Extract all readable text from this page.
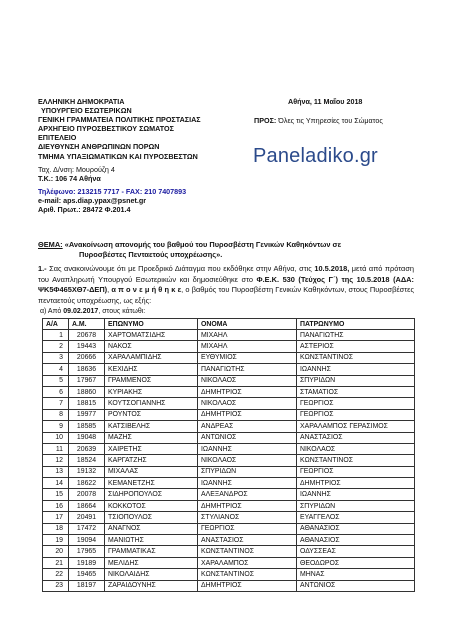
ΕΛΛΗΝΙΚΗ ΔΗΜΟΚΡΑΤΙΑ
ΥΠΟΥΡΓΕΙΟ ΕΣΩΤΕΡΙΚΩΝ
ΓΕΝΙΚΗ ΓΡΑΜΜΑΤΕΙΑ ΠΟΛΙΤΙΚΗΣ ΠΡΟΣΤΑΣΙΑΣ
ΑΡΧΗΓΕΙΟ ΠΥΡΟΣΒΕΣΤΙΚΟΥ ΣΩΜΑΤΟΣ
ΕΠΙΤΕΛΕΙΟ
ΔΙΕΥΘΥΝΣΗ ΑΝΘΡΩΠΙΝΩΝ ΠΟΡΩΝ
ΤΜΗΜΑ ΥΠΑΞΙΩΜΑΤΙΚΩΝ ΚΑΙ ΠΥΡΟΣΒΕΣΤΩΝ
Ταχ. Δ/νση: Μουρούζη 4
Τ.Κ.: 106 74 Αθήνα
Τηλέφωνο: 213215 7717 - FAX: 210 7407893
e-mail: aps.diap.ypax@psnet.gr
Αριθ. Πρωτ.: 28472 Φ.201.4
Αθήνα, 11 Μαΐου 2018
ΠΡΟΣ: Όλες τις Υπηρεσίες του Σώματος
Paneladiko.gr
ΘΕΜΑ: «Ανακοίνωση απονομής του βαθμού του Πυροσβέστη Γενικών Καθηκόντων σε
Πυροσβέστες Πενταετούς υποχρέωσης».
1.- Σας ανακοινώνουμε ότι με Προεδρικό Διάταγμα που εκδόθηκε στην Αθήνα, στις 10.5.2018, μετά από πρόταση του Αναπληρωτή Υπουργού Εσωτερικών και δημοσιεύθηκε στο Φ.Ε.Κ. 530 (Τεύχος Γ΄) της 10.5.2018 (ΑΔΑ: ΨΚ5Φ465ΧΘ7-ΔΕΠ), α π ο ν ε μ ή θ η κ ε, ο βαθμός του Πυροσβέστη Γενικών Καθηκόντων, στους Πυροσβέστες πενταετούς υποχρέωσης, ως εξής:
α) Από 09.02.2017, στους κάτωθι:
Α/Α	Α.Μ.	ΕΠΩΝΥΜΟ	ΟΝΟΜΑ	ΠΑΤΡΩΝΥΜΟ
1	20678	ΧΑΡΤΟΜΑΤΣΙΔΗΣ	ΜΙΧΑΗΛ	ΠΑΝΑΓΙΩΤΗΣ
2	19443	ΝΑΚΟΣ	ΜΙΧΑΗΛ	ΑΣΤΕΡΙΟΣ
3	20666	ΧΑΡΑΛΑΜΠΙΔΗΣ	ΕΥΘΥΜΙΟΣ	ΚΩΝΣΤΑΝΤΙΝΟΣ
4	18636	ΚΕΧΙΔΗΣ	ΠΑΝΑΓΙΩΤΗΣ	ΙΩΑΝΝΗΣ
5	17967	ΓΡΑΜΜΕΝΟΣ	ΝΙΚΟΛΑΟΣ	ΣΠΥΡΙΔΩΝ
6	18860	ΚΥΡΙΑΚΗΣ	ΔΗΜΗΤΡΙΟΣ	ΣΤΑΜΑΤΙΟΣ
7	18815	ΚΟΥΤΣΟΓΙΑΝΝΗΣ	ΝΙΚΟΛΑΟΣ	ΓΕΩΡΓΙΟΣ
8	19977	ΡΟΥΝΤΟΣ	ΔΗΜΗΤΡΙΟΣ	ΓΕΩΡΓΙΟΣ
9	18585	ΚΑΤΣΙΒΕΛΗΣ	ΑΝΔΡΕΑΣ	ΧΑΡΑΛΑΜΠΟΣ ΓΕΡΑΣΙΜΟΣ
10	19048	ΜΑΖΗΣ	ΑΝΤΩΝΙΟΣ	ΑΝΑΣΤΑΣΙΟΣ
11	20639	ΧΑΙΡΕΤΗΣ	ΙΩΑΝΝΗΣ	ΝΙΚΟΛΑΟΣ
12	18524	ΚΑΡΓΑΤΖΗΣ	ΝΙΚΟΛΑΟΣ	ΚΩΝΣΤΑΝΤΙΝΟΣ
13	19132	ΜΙΧΑΛΑΣ	ΣΠΥΡΙΔΩΝ	ΓΕΩΡΓΙΟΣ
14	18622	ΚΕΜΑΝΕΤΖΗΣ	ΙΩΑΝΝΗΣ	ΔΗΜΗΤΡΙΟΣ
15	20078	ΣΙΔΗΡΟΠΟΥΛΟΣ	ΑΛΕΞΑΝΔΡΟΣ	ΙΩΑΝΝΗΣ
16	18664	ΚΟΚΚΟΤΟΣ	ΔΗΜΗΤΡΙΟΣ	ΣΠΥΡΙΔΩΝ
17	20491	ΤΣΙΟΠΟΥΛΟΣ	ΣΤΥΛΙΑΝΟΣ	ΕΥΑΓΓΕΛΟΣ
18	17472	ΑΝΑΓΝΟΣ	ΓΕΩΡΓΙΟΣ	ΑΘΑΝΑΣΙΟΣ
19	19094	ΜΑΝΙΩΤΗΣ	ΑΝΑΣΤΑΣΙΟΣ	ΑΘΑΝΑΣΙΟΣ
20	17965	ΓΡΑΜΜΑΤΙΚΑΣ	ΚΩΝΣΤΑΝΤΙΝΟΣ	ΟΔΥΣΣΕΑΣ
21	19189	ΜΕΛΙΔΗΣ	ΧΑΡΑΛΑΜΠΟΣ	ΘΕΟΔΩΡΟΣ
22	19465	ΝΙΚΟΛΑΙΔΗΣ	ΚΩΝΣΤΑΝΤΙΝΟΣ	ΜΗΝΑΣ
23	18197	ΖΑΡΑΙΔΟΥΝΗΣ	ΔΗΜΗΤΡΙΟΣ	ΑΝΤΩΝΙΟΣ
